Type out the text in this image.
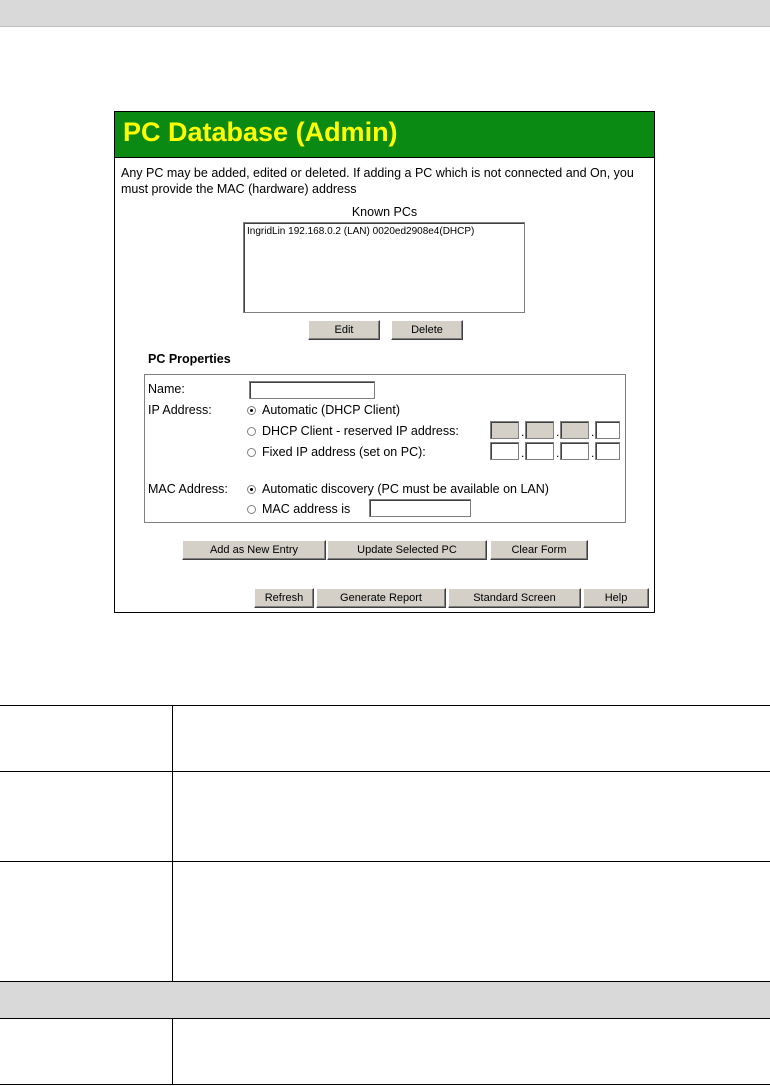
PC Database (Admin)
Any PC may be added, edited or deleted. If adding a PC which is not connected and On, you must provide the MAC (hardware) address
Known PCs
IngridLin 192.168.0.2 (LAN) 0020ed2908e4(DHCP)
Edit	Delete
PC Properties
Name:
IP Address:	Automatic (DHCP Client)
DHCP Client - reserved IP address:	.	.	.
Fixed IP address (set on PC):	.	.	.
MAC Address:	Automatic discovery (PC must be available on LAN)
MAC address is
Add as New Entry	Update Selected PC	Clear Form
Refresh	Generate Report	Standard Screen	Help
